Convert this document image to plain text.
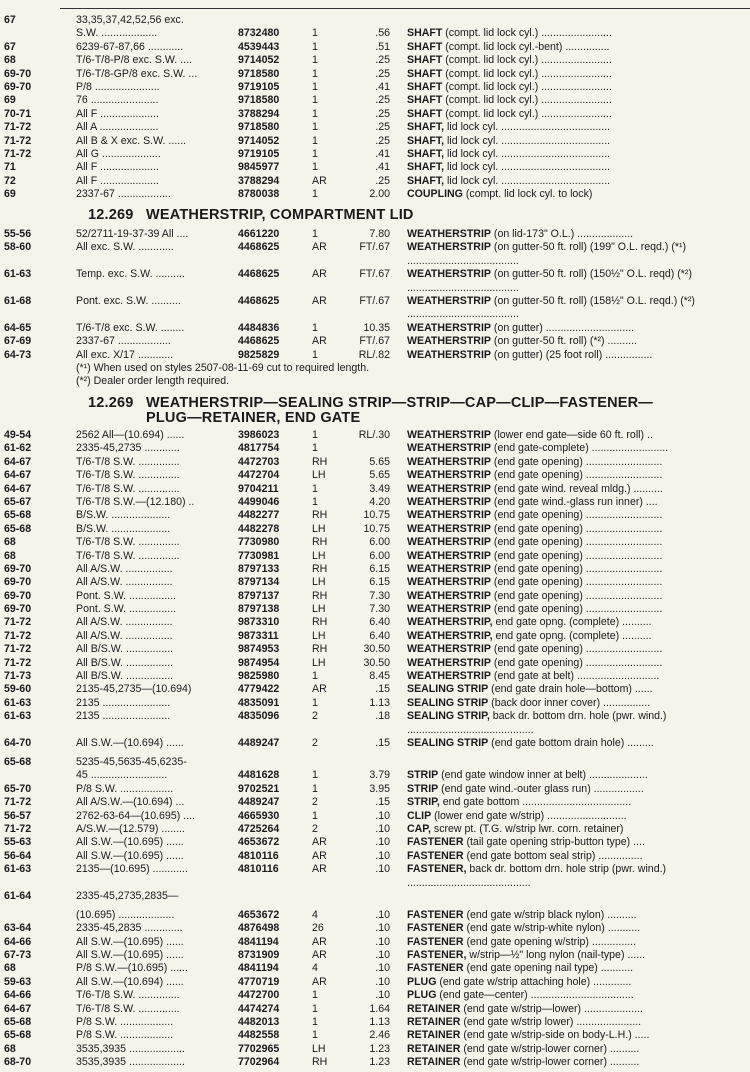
67	33,35,37,42,52,56 exc.
S.W. ...................	8732480	1	.56 SHAFT (compt. lid lock cyl.) ........................
67	6239-67-87,66 ............	4539443	1	.51 SHAFT (compt. lid lock cyl.-bent) ...............
68	T/6-T/8-P/8 exc. S.W. ....	9714052	1	.25 SHAFT (compt. lid lock cyl.) ........................
69-70	T/6-T/8-GP/8 exc. S.W. ...	9718580	1	.25 SHAFT (compt. lid lock cyl.) ........................
69-70	P/8 ......................	9719105	1	.41 SHAFT (compt. lid lock cyl.) ........................
69	76 .......................	9718580	1	.25 SHAFT (compt. lid lock cyl.) ........................
70-71	All F ....................	3788294	1	.25 SHAFT (compt. lid lock cyl.) ........................
71-72	All A ....................	9718580	1	.25 SHAFT, lid lock cyl. .....................................
71-72	All B & X exc. S.W. ......	9714052	1	.25 SHAFT, lid lock cyl. .....................................
71-72	All G ....................	9719105	1	.41 SHAFT, lid lock cyl. .....................................
71	All F ....................	9845977	1	.41 SHAFT, lid lock cyl. .....................................
72	All F ....................	3788294	AR	.25 SHAFT, lid lock cyl. .....................................
69	2337-67 ..................	8780038	1	2.00 COUPLING (compt. lid lock cyl. to lock)
12.269 WEATHERSTRIP, COMPARTMENT LID
55-56	52/2711-19-37-39 All ....	4661220	1	7.80 WEATHERSTRIP (on lid-173" O.L.) ...................
58-60	All exc. S.W. ............	4468625	AR	FT/.67 WEATHERSTRIP (on gutter-50 ft. roll) (199" O.L. reqd.) (*¹) ......................................
61-63	Temp. exc. S.W. ..........	4468625	AR	FT/.67 WEATHERSTRIP (on gutter-50 ft. roll) (150½" O.L. reqd) (*²) ......................................
61-68	Pont. exc. S.W. ..........	4468625	AR	FT/.67 WEATHERSTRIP (on gutter-50 ft. roll) (158½" O.L. reqd.) (*²) ......................................
64-65	T/6-T/8 exc. S.W. ........	4484836	1	10.35 WEATHERSTRIP (on gutter) ..............................
67-69	2337-67 ..................	4468625	AR	FT/.67 WEATHERSTRIP (on gutter-50 ft. roll) (*²) ..........
64-73	All exc. X/17 ............	9825829	1	RL/.82 WEATHERSTRIP (on gutter) (25 foot roll) ................
(*¹) When used on styles 2507-08-11-69 cut to required length.
(*²) Dealer order length required.
12.269 WEATHERSTRIP—SEALING STRIP—STRIP—CAP—CLIP—FASTENER—
PLUG—RETAINER, END GATE
49-54	2562 All—(10.694) ......	3986023	1	RL/.30 WEATHERSTRIP (lower end gate—side 60 ft. roll) ..
61-62	2335-45,2735 ............	4817754	1	WEATHERSTRIP (end gate-complete) ..........................
64-67	T/6-T/8 S.W. ..............	4472703	RH	5.65 WEATHERSTRIP (end gate opening) ..........................
64-67	T/6-T/8 S.W. ..............	4472704	LH	5.65 WEATHERSTRIP (end gate opening) ..........................
64-67	T/6-T/8 S.W. ..............	9704211	1	3.49 WEATHERSTRIP (end gate wind. reveal mldg.) ..........
65-67	T/6-T/8 S.W.—(12.180) ..	4499046	1	4.20 WEATHERSTRIP (end gate wind.-glass run inner) ....
65-68	B/S.W. ....................	4482277	RH	10.75 WEATHERSTRIP (end gate opening) ..........................
65-68	B/S.W. ....................	4482278	LH	10.75 WEATHERSTRIP (end gate opening) ..........................
68	T/6-T/8 S.W. ..............	7730980	RH	6.00 WEATHERSTRIP (end gate opening) ..........................
68	T/6-T/8 S.W. ..............	7730981	LH	6.00 WEATHERSTRIP (end gate opening) ..........................
69-70	All A/S.W. ................	8797133	RH	6.15 WEATHERSTRIP (end gate opening) ..........................
69-70	All A/S.W. ................	8797134	LH	6.15 WEATHERSTRIP (end gate opening) ..........................
69-70	Pont. S.W. ................	8797137	RH	7.30 WEATHERSTRIP (end gate opening) ..........................
69-70	Pont. S.W. ................	8797138	LH	7.30 WEATHERSTRIP (end gate opening) ..........................
71-72	All A/S.W. ................	9873310	RH	6.40 WEATHERSTRIP, end gate opng. (complete) ..........
71-72	All A/S.W. ................	9873311	LH	6.40 WEATHERSTRIP, end gate opng. (complete) ..........
71-72	All B/S.W. ................	9874953	RH	30.50 WEATHERSTRIP (end gate opening) ..........................
71-72	All B/S.W. ................	9874954	LH	30.50 WEATHERSTRIP (end gate opening) ..........................
71-73	All B/S.W. ................	9825980	1	8.45 WEATHERSTRIP (end gate at belt) ............................
59-60	2135-45,2735—(10.694)	4779422	AR	.15 SEALING STRIP (end gate drain hole—bottom) ......
61-63	2135 .......................	4835091	1	1.13 SEALING STRIP (back door inner cover) ................
61-63	2135 .......................	4835096	2	.18 SEALING STRIP, back dr. bottom drn. hole (pwr. wind.) ...........................................
64-70	All S.W.—(10.694) ......	4489247	2	.15 SEALING STRIP (end gate bottom drain hole) .........
65-68	5235-45,5635-45,6235-
45 ..........................	4481628	1	3.79 STRIP (end gate window inner at belt) ....................
65-70	P/8 S.W. ..................	9702521	1	3.95 STRIP (end gate wind.-outer glass run) .................
71-72	All A/S.W.—(10.694) ...	4489247	2	.15 STRIP, end gate bottom .....................................
56-57	2762-63-64—(10.695) ....	4665930	1	.10 CLIP (lower end gate w/strip) ...........................
71-72	A/S.W.—(12.579) ........	4725264	2	.10 CAP, screw pt. (T.G. w/strip lwr. corn. retainer)
55-63	All S.W.—(10.695) ......	4653672	AR	.10 FASTENER (tail gate opening strip-button type) ....
56-64	All S.W.—(10.695) ......	4810116	AR	.10 FASTENER (end gate bottom seal strip) ...............
61-63	2135—(10.695) ............	4810116	AR	.10 FASTENER, back dr. bottom drn. hole strip (pwr. wind.) ..........................................
61-64	2335-45,2735,2835—
(10.695) ...................	4653672	4	.10 FASTENER (end gate w/strip black nylon) ..........
63-64	2335-45,2835 .............	4876498	26	.10 FASTENER (end gate w/strip-white nylon) ...........
64-66	All S.W.—(10.695) ......	4841194	AR	.10 FASTENER (end gate opening w/strip) ...............
67-73	All S.W.—(10.695) ......	8731909	AR	.10 FASTENER, w/strip—½" long nylon (nail-type) ......
68	P/8 S.W.—(10.695) ......	4841194	4	.10 FASTENER (end gate opening nail type) ...........
59-63	All S.W.—(10.694) ......	4770719	AR	.10 PLUG (end gate w/strip attaching hole) .............
64-66	T/6-T/8 S.W. ..............	4472700	1	.10 PLUG (end gate—center) ...................................
64-67	T/6-T/8 S.W. ..............	4474274	1	1.64 RETAINER (end gate w/strip—lower) ....................
65-68	P/8 S.W. ..................	4482013	1	1.13 RETAINER (end gate w/strip lower) ......................
65-68	P/8 S.W. ..................	4482558	1	2.46 RETAINER (end gate w/strip-side on body-L.H.) .....
68	3535,3935 ...................	7702965	LH	1.23 RETAINER (end gate w/strip-lower corner) ..........
68-70	3535,3935 ...................	7702964	RH	1.23 RETAINER (end gate w/strip-lower corner) ..........
